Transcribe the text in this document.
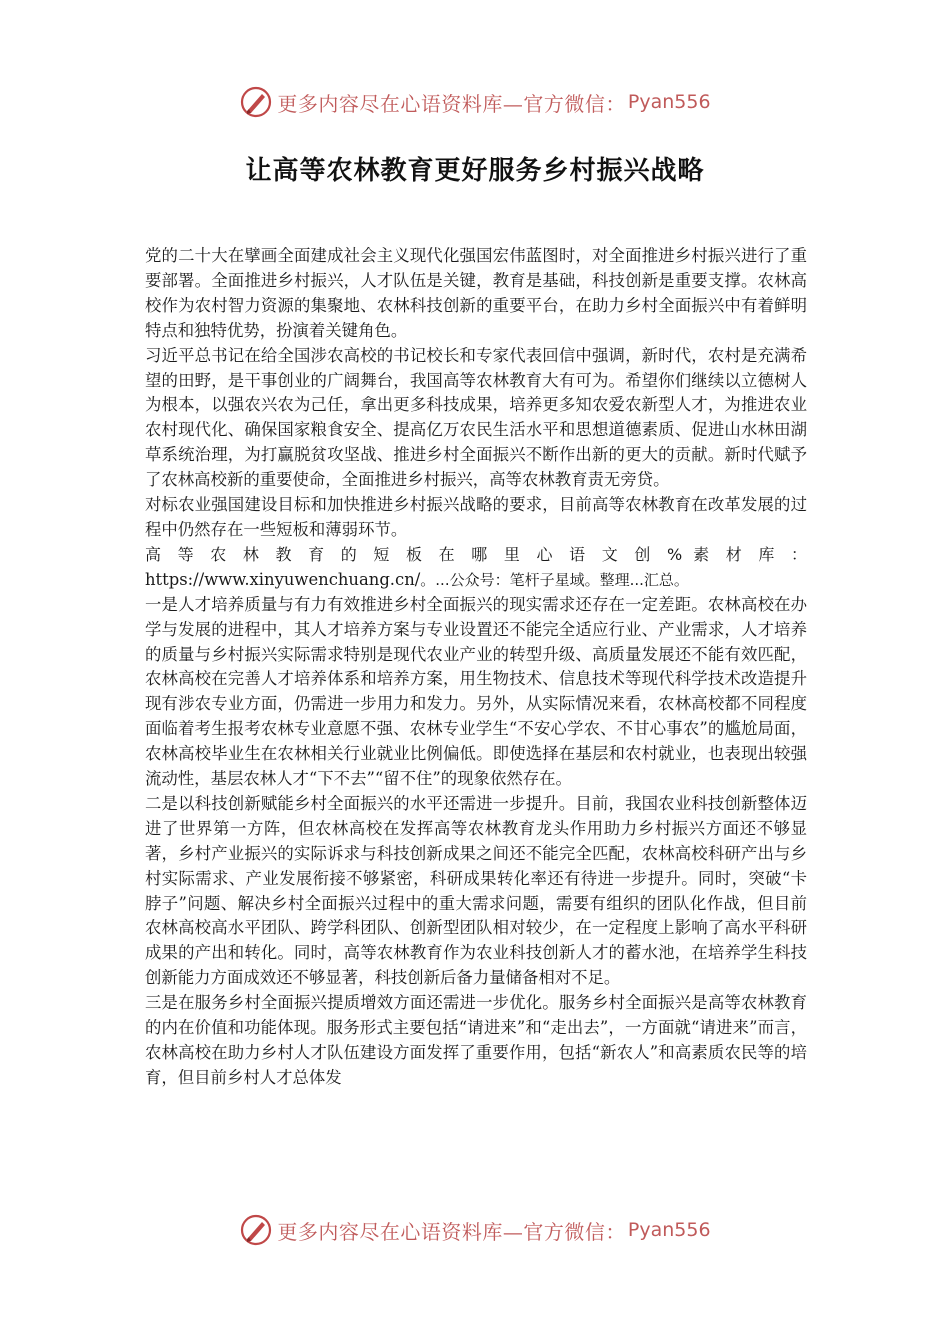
更多内容尽在心语资料库—官方微信： Pyan556
让高等农林教育更好服务乡村振兴战略

党的二十大在擘画全面建成社会主义现代化强国宏伟蓝图时，对全面推进乡村振兴进行了重要部署。全面推进乡村振兴，人才队伍是关键，教育是基础，科技创新是重要支撑。农林高校作为农村智力资源的集聚地、农林科技创新的重要平台，在助力乡村全面振兴中有着鲜明特点和独特优势，扮演着关键角色。

习近平总书记在给全国涉农高校的书记校长和专家代表回信中强调，新时代，农村是充满希望的田野，是干事创业的广阔舞台，我国高等农林教育大有可为。希望你们继续以立德树人为根本，以强农兴农为己任，拿出更多科技成果，培养更多知农爱农新型人才，为推进农业农村现代化、确保国家粮食安全、提高亿万农民生活水平和思想道德素质、促进山水林田湖草系统治理，为打赢脱贫攻坚战、推进乡村全面振兴不断作出新的更大的贡献。新时代赋予了农林高校新的重要使命，全面推进乡村振兴，高等农林教育责无旁贷。

对标农业强国建设目标和加快推进乡村振兴战略的要求，目前高等农林教育在改革发展的过程中仍然存在一些短板和薄弱环节。

高 等 农 林 教 育 的 短 板 在 哪 里 心 语 文 创 % 素 材 库 ：

https://www.xinyuwenchuang.cn/。...公众号：笔杆子星域。整理...汇总。

一是人才培养质量与有力有效推进乡村全面振兴的现实需求还存在一定差距。农林高校在办学与发展的进程中，其人才培养方案与专业设置还不能完全适应行业、产业需求，人才培养的质量与乡村振兴实际需求特别是现代农业产业的转型升级、高质量发展还不能有效匹配，农林高校在完善人才培养体系和培养方案，用生物技术、信息技术等现代科学技术改造提升现有涉农专业方面，仍需进一步用力和发力。另外，从实际情况来看，农林高校都不同程度面临着考生报考农林专业意愿不强、农林专业学生“不安心学农、不甘心事农”的尴尬局面，农林高校毕业生在农林相关行业就业比例偏低。即使选择在基层和农村就业，也表现出较强流动性，基层农林人才“下不去”“留不住”的现象依然存在。

二是以科技创新赋能乡村全面振兴的水平还需进一步提升。目前，我国农业科技创新整体迈进了世界第一方阵，但农林高校在发挥高等农林教育龙头作用助力乡村振兴方面还不够显著，乡村产业振兴的实际诉求与科技创新成果之间还不能完全匹配，农林高校科研产出与乡村实际需求、产业发展衔接不够紧密，科研成果转化率还有待进一步提升。同时，突破“卡脖子”问题、解决乡村全面振兴过程中的重大需求问题，需要有组织的团队化作战，但目前农林高校高水平团队、跨学科团队、创新型团队相对较少，在一定程度上影响了高水平科研成果的产出和转化。同时，高等农林教育作为农业科技创新人才的蓄水池，在培养学生科技创新能力方面成效还不够显著，科技创新后备力量储备相对不足。

三是在服务乡村全面振兴提质增效方面还需进一步优化。服务乡村全面振兴是高等农林教育的内在价值和功能体现。服务形式主要包括“请进来”和“走出去”，一方面就“请进来”而言，农林高校在助力乡村人才队伍建设方面发挥了重要作用，包括“新农人”和高素质农民等的培育，但目前乡村人才总体发

更多内容尽在心语资料库—官方微信： Pyan556
